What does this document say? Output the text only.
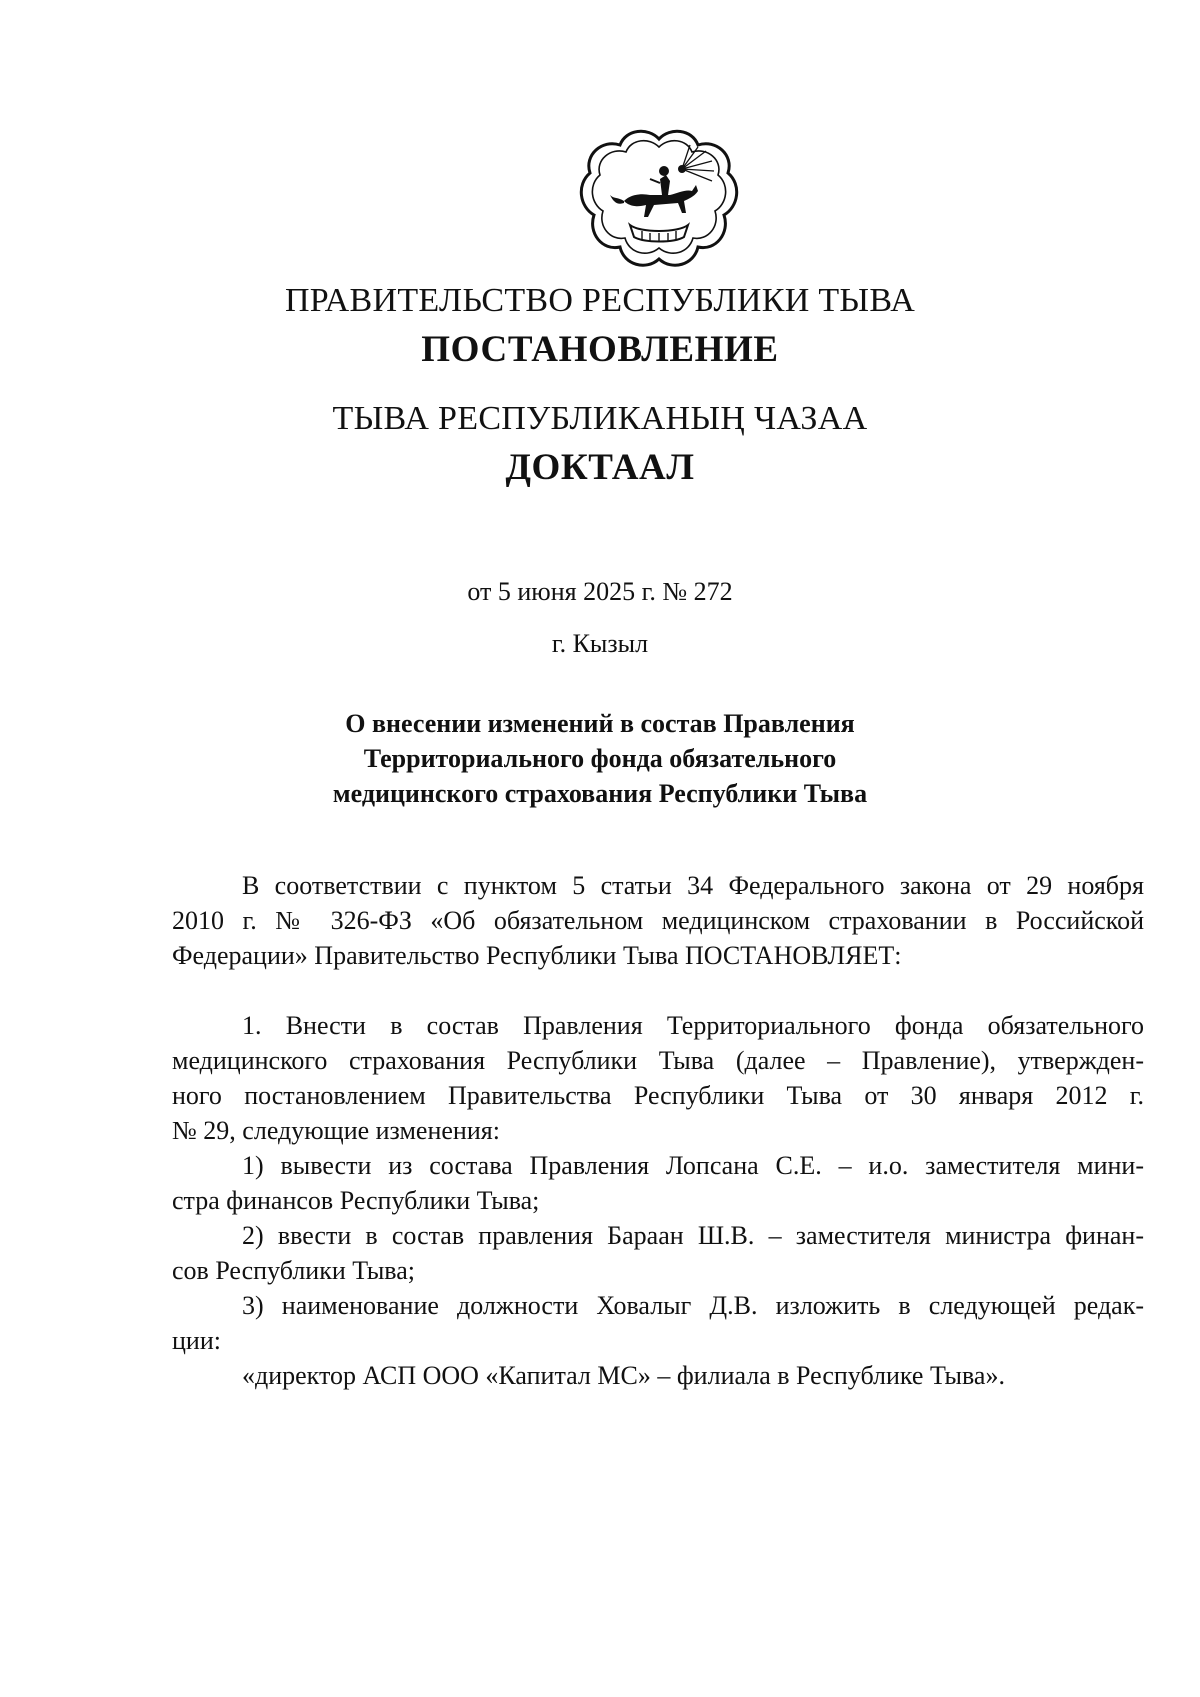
ПРАВИТЕЛЬСТВО РЕСПУБЛИКИ ТЫВА
ПОСТАНОВЛЕНИЕ
ТЫВА РЕСПУБЛИКАНЫҢ ЧАЗАА
ДОКТААЛ
от 5 июня 2025 г. № 272
г. Кызыл
О внесении изменений в состав Правления
Территориального фонда обязательного
медицинского страхования Республики Тыва
В соответствии с пунктом 5 статьи 34 Федерального закона от 29 ноября
2010 г. № 326-ФЗ «Об обязательном медицинском страховании в Российской
Федерации» Правительство Республики Тыва ПОСТАНОВЛЯЕТ:
1. Внести в состав Правления Территориального фонда обязательного
медицинского страхования Республики Тыва (далее – Правление), утвержден-
ного постановлением Правительства Республики Тыва от 30 января 2012 г.
№ 29, следующие изменения:
1) вывести из состава Правления Лопсана С.Е. – и.о. заместителя мини-
стра финансов Республики Тыва;
2) ввести в состав правления Бараан Ш.В. – заместителя министра финан-
сов Республики Тыва;
3) наименование должности Ховалыг Д.В. изложить в следующей редак-
ции:
«директор АСП ООО «Капитал МС» – филиала в Республике Тыва».
